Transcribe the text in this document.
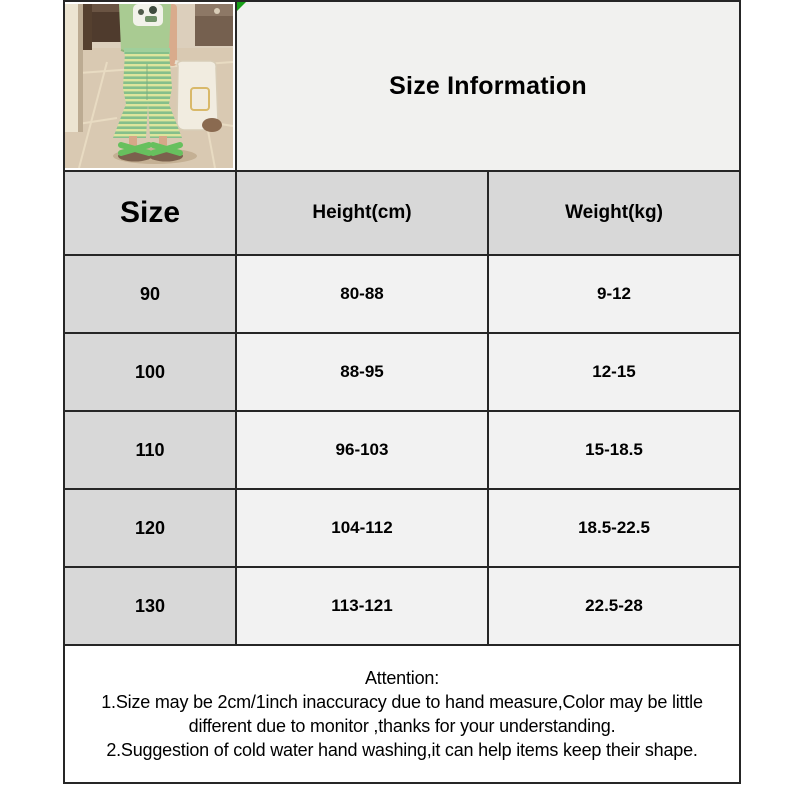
Size Information	

Size	Height(cm)	Weight(kg)
90	80-88	9-12
100	88-95	12-15
110	96-103	15-18.5
120	104-112	18.5-22.5
130	113-121	22.5-28

Attention:
1.Size may be 2cm/1inch inaccuracy due to hand measure,Color may be little
different due to monitor ,thanks for your understanding.
2.Suggestion of cold water hand washing,it can help items keep their shape.		
